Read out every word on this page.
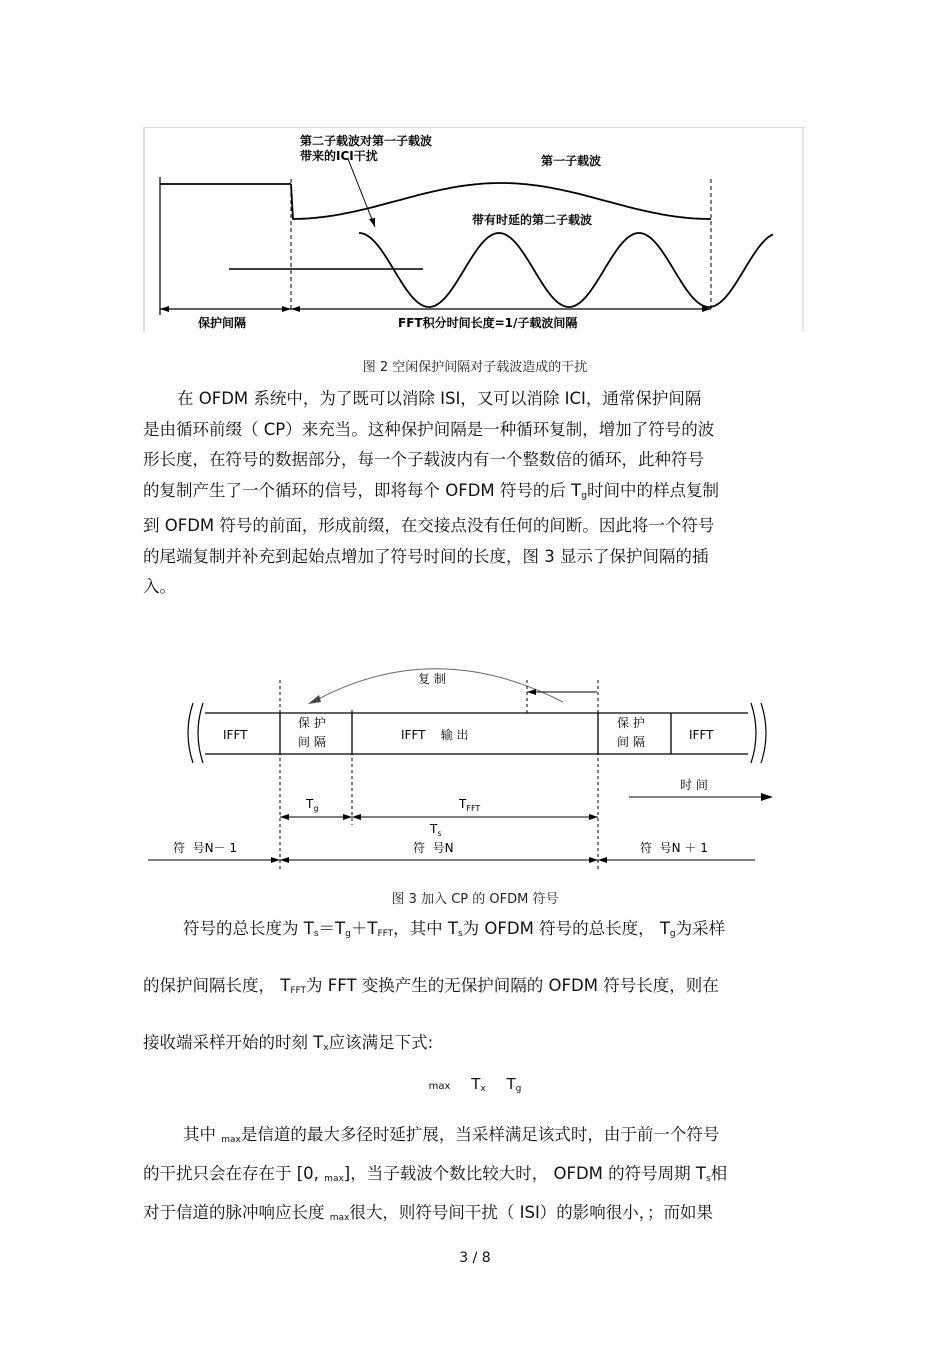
第二子载波对第一子载波
带来的ICI干扰	第一子载波
带有时延的第二子载波
保护间隔	FFT积分时间长度=1/子载波间隔
图 2 空闲保护间隔对子载波造成的干扰

在 OFDM 系统中，为了既可以消除 ISI，又可以消除 ICI，通常保护间隔

是由循环前缀（ CP）来充当。这种保护间隔是一种循环复制，增加了符号的波

形长度，在符号的数据部分，每一个子载波内有一个整数倍的循环，此种符号

的复制产生了一个循环的信号，即将每个 OFDM 符号的后 $T_g$时间中的样点复制

到 OFDM 符号的前面，形成前缀，在交接点没有任何的间断。因此将一个符号

的尾端复制并补充到起始点增加了符号时间的长度，图 3 显示了保护间隔的插

入。

复 制
IFFT
保 护
间 隔	IFFT    输 出
保 护
间 隔	IFFT
时 间
$T_g$	$T_{FFT}$
$T_s$
符  号N－ 1	符  号N	符  号N ＋ 1
图 3 加入 CP 的 OFDM 符号

符号的总长度为 $T_s=T_g+T_{FFT}$，其中 $T_s$为 OFDM 符号的总长度， $T_g$为采样

的保护间隔长度， $T_{FFT}$为 FFT 变换产生的无保护间隔的 OFDM 符号长度，则在

接收端采样开始的时刻 $T_x$应该满足下式:

$\max T_x$ $T_g$

其中 $_{max}$是信道的最大多径时延扩展，当采样满足该式时，由于前一个符号

的干扰只会在存在于 [0, $_{max}$]，当子载波个数比较大时， OFDM 的符号周期 $T_s$相

对于信道的脉冲响应长度 $_{max}$很大，则符号间干扰（ ISI）的影响很小，；而如果

3 / 8
